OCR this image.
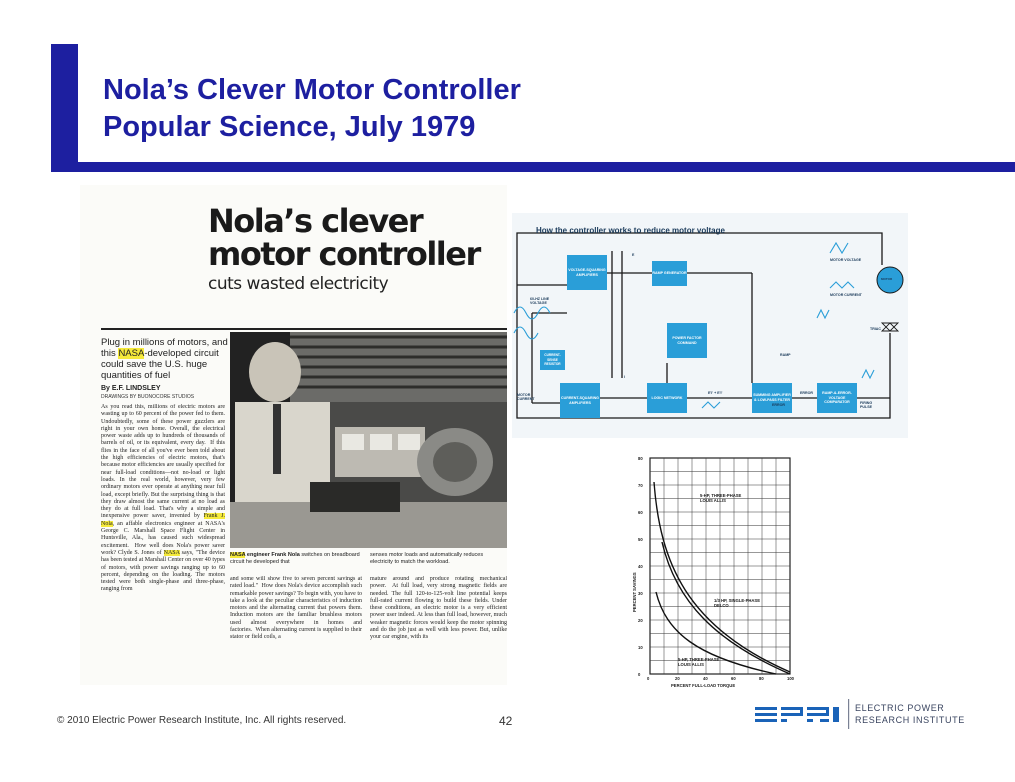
Nola’s Clever Motor Controller
Popular Science, July 1979
Nola’s clever
motor controller
cuts wasted electricity
Plug in millions of motors, and this NASA-developed circuit could save the U.S. huge quantities of fuel
By E.F. LINDSLEY
DRAWINGS BY BUONOCORE STUDIOS
As you read this, millions of electric motors are wasting up to 60 percent of the power fed to them. Undoubtedly, some of these power guzzlers are right in your own home. Overall, the electrical power waste adds up to hundreds of thousands of barrels of oil, or its equivalent, every day.  If this flies in the face of all you've ever been told about the high efficiencies of electric motors, that's because motor efficiencies are usually specified for near full-load conditions—not no-load or light loads. In the real world, however, very few ordinary motors ever operate at anything near full load, except briefly. But the surprising thing is that they draw almost the same current at no load as they do at full load. That's why a simple and inexpensive power saver, invented by Frank J. Nola, an affable electronics engineer at NASA's George C. Marshall Space Flight Center in Huntsville, Ala., has caused such widespread excitement.  How well does Nola's power saver work? Clyde S. Jones of NASA says, "The device has been tested at Marshall Center on over 40 types of motors, with power savings ranging up to 60 percent, depending on the loading. The motors tested were both single-phase and three-phase, ranging from
NASA engineer Frank Nola switches on breadboard circuit he developed that
senses motor loads and automatically reduces electricity to match the workload.
and some will show five to seven percent savings at rated load."  How does Nola's device accomplish such remarkable power savings? To begin with, you have to take a look at the peculiar characteristics of induction motors and the alternating current that powers them. Induction motors are the familiar brushless motors used almost everywhere in homes and factories.  When alternating current is supplied to their stator or field coils, a
mature around and produce rotating mechanical power.  At full load, very strong magnetic fields are needed. The full 120-to-125-volt line potential keeps full-rated current flowing to build these fields. Under these conditions, an electric motor is a very efficient power user indeed. At less than full load, however, much weaker magnetic forces would keep the motor spinning and do the job just as well with less power. But, unlike your car engine, with its
How the controller works to reduce motor voltage
VOLTAGE-SQUARING AMPLIFIERS	RAMP GENERATOR
POWER FACTOR COMMAND
CURRENT-SQUARING AMPLIFIERS
LOGIC NETWORK
SUMMING AMPLIFIER & LOW-PASS FILTER
RAMP-&-ERROR-VOLTAGE COMPARATOR
CURRENT-SENSE RESISTOR
MOTOR
60-HZ LINE VOLTAGE
MOTOR CURRENT
MOTOR VOLTAGE
MOTOR CURRENT
TRIAC
RAMP
ERROR
FIRING PULSE
E
I
E'I' + E'I'
ERROR
PERCENT SAVINGS
PERCENT FULL-LOAD TORQUE
80
70
60
50
40
30
20
10
0
0	20	40	60	80	100
5-HP, THREE-PHASE
LOUIS ALLIS
1/3 HP, SINGLE-PHASE
DELCO
5-HP, THREE-PHASE
LOUIS ALLIS
© 2010 Electric Power Research Institute, Inc. All rights reserved.	42
ELECTRIC POWER
RESEARCH INSTITUTE
